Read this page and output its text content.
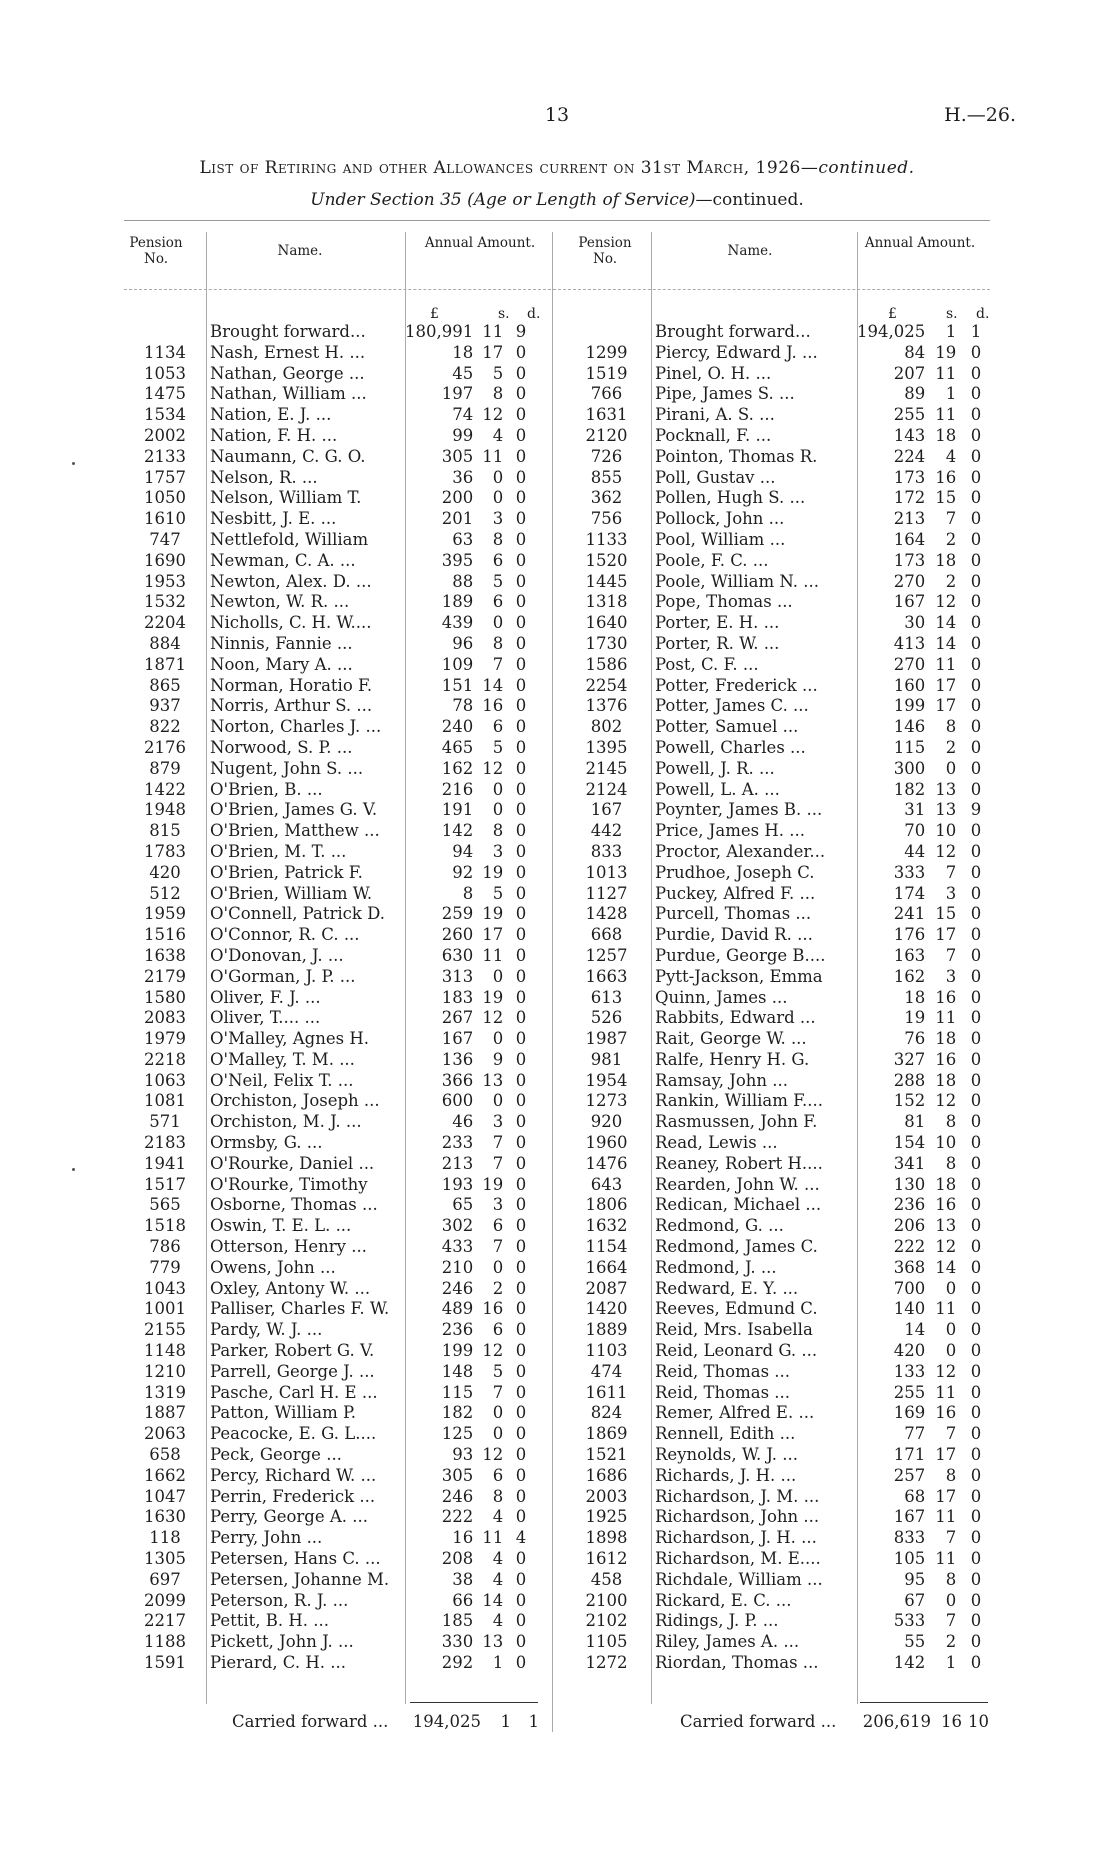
13	H.—26.
List of Retiring and other Allowances current on 31st March, 1926—continued.
Under Section 35 (Age or Length of Service)—continued.
Pension No.	Name.	Annual Amount.	Pension No.	Name.	Annual Amount.
£	s. d.	£	s. d.
	Brought forward...	180,991	11	9
1134	Nash, Ernest H. ...	18	17	0
1053	Nathan, George ...	45	5	0
1475	Nathan, William ...	197	8	0
1534	Nation, E. J. ...	74	12	0
2002	Nation, F. H. ...	99	4	0
2133	Naumann, C. G. O.	305	11	0
1757	Nelson, R. ...	36	0	0
1050	Nelson, William T.	200	0	0
1610	Nesbitt, J. E. ...	201	3	0
747	Nettlefold, William	63	8	0
1690	Newman, C. A. ...	395	6	0
1953	Newton, Alex. D. ...	88	5	0
1532	Newton, W. R. ...	189	6	0
2204	Nicholls, C. H. W....	439	0	0
884	Ninnis, Fannie ...	96	8	0
1871	Noon, Mary A. ...	109	7	0
865	Norman, Horatio F.	151	14	0
937	Norris, Arthur S. ...	78	16	0
822	Norton, Charles J. ...	240	6	0
2176	Norwood, S. P. ...	465	5	0
879	Nugent, John S. ...	162	12	0
1422	O'Brien, B. ...	216	0	0
1948	O'Brien, James G. V.	191	0	0
815	O'Brien, Matthew ...	142	8	0
1783	O'Brien, M. T. ...	94	3	0
420	O'Brien, Patrick F.	92	19	0
512	O'Brien, William W.	8	5	0
1959	O'Connell, Patrick D.	259	19	0
1516	O'Connor, R. C. ...	260	17	0
1638	O'Donovan, J. ...	630	11	0
2179	O'Gorman, J. P. ...	313	0	0
1580	Oliver, F. J. ...	183	19	0
2083	Oliver, T.... ...	267	12	0
1979	O'Malley, Agnes H.	167	0	0
2218	O'Malley, T. M. ...	136	9	0
1063	O'Neil, Felix T. ...	366	13	0
1081	Orchiston, Joseph ...	600	0	0
571	Orchiston, M. J. ...	46	3	0
2183	Ormsby, G. ...	233	7	0
1941	O'Rourke, Daniel ...	213	7	0
1517	O'Rourke, Timothy	193	19	0
565	Osborne, Thomas ...	65	3	0
1518	Oswin, T. E. L. ...	302	6	0
786	Otterson, Henry ...	433	7	0
779	Owens, John ...	210	0	0
1043	Oxley, Antony W. ...	246	2	0
1001	Palliser, Charles F. W.	489	16	0
2155	Pardy, W. J. ...	236	6	0
1148	Parker, Robert G. V.	199	12	0
1210	Parrell, George J. ...	148	5	0
1319	Pasche, Carl H. E ...	115	7	0
1887	Patton, William P.	182	0	0
2063	Peacocke, E. G. L....	125	0	0
658	Peck, George ...	93	12	0
1662	Percy, Richard W. ...	305	6	0
1047	Perrin, Frederick ...	246	8	0
1630	Perry, George A. ...	222	4	0
118	Perry, John ...	16	11	4
1305	Petersen, Hans C. ...	208	4	0
697	Petersen, Johanne M.	38	4	0
2099	Peterson, R. J. ...	66	14	0
2217	Pettit, B. H. ...	185	4	0
1188	Pickett, John J. ...	330	13	0
1591	Pierard, C. H. ...	292	1	0
	Brought forward...	194,025	1	1
1299	Piercy, Edward J. ...	84	19	0
1519	Pinel, O. H. ...	207	11	0
766	Pipe, James S. ...	89	1	0
1631	Pirani, A. S. ...	255	11	0
2120	Pocknall, F. ...	143	18	0
726	Pointon, Thomas R.	224	4	0
855	Poll, Gustav ...	173	16	0
362	Pollen, Hugh S. ...	172	15	0
756	Pollock, John ...	213	7	0
1133	Pool, William ...	164	2	0
1520	Poole, F. C. ...	173	18	0
1445	Poole, William N. ...	270	2	0
1318	Pope, Thomas ...	167	12	0
1640	Porter, E. H. ...	30	14	0
1730	Porter, R. W. ...	413	14	0
1586	Post, C. F. ...	270	11	0
2254	Potter, Frederick ...	160	17	0
1376	Potter, James C. ...	199	17	0
802	Potter, Samuel ...	146	8	0
1395	Powell, Charles ...	115	2	0
2145	Powell, J. R. ...	300	0	0
2124	Powell, L. A. ...	182	13	0
167	Poynter, James B. ...	31	13	9
442	Price, James H. ...	70	10	0
833	Proctor, Alexander...	44	12	0
1013	Prudhoe, Joseph C.	333	7	0
1127	Puckey, Alfred F. ...	174	3	0
1428	Purcell, Thomas ...	241	15	0
668	Purdie, David R. ...	176	17	0
1257	Purdue, George B....	163	7	0
1663	Pytt-Jackson, Emma	162	3	0
613	Quinn, James ...	18	16	0
526	Rabbits, Edward ...	19	11	0
1987	Rait, George W. ...	76	18	0
981	Ralfe, Henry H. G.	327	16	0
1954	Ramsay, John ...	288	18	0
1273	Rankin, William F....	152	12	0
920	Rasmussen, John F.	81	8	0
1960	Read, Lewis ...	154	10	0
1476	Reaney, Robert H....	341	8	0
643	Rearden, John W. ...	130	18	0
1806	Redican, Michael ...	236	16	0
1632	Redmond, G. ...	206	13	0
1154	Redmond, James C.	222	12	0
1664	Redmond, J. ...	368	14	0
2087	Redward, E. Y. ...	700	0	0
1420	Reeves, Edmund C.	140	11	0
1889	Reid, Mrs. Isabella	14	0	0
1103	Reid, Leonard G. ...	420	0	0
474	Reid, Thomas ...	133	12	0
1611	Reid, Thomas ...	255	11	0
824	Remer, Alfred E. ...	169	16	0
1869	Rennell, Edith ...	77	7	0
1521	Reynolds, W. J. ...	171	17	0
1686	Richards, J. H. ...	257	8	0
2003	Richardson, J. M. ...	68	17	0
1925	Richardson, John ...	167	11	0
1898	Richardson, J. H. ...	833	7	0
1612	Richardson, M. E....	105	11	0
458	Richdale, William ...	95	8	0
2100	Rickard, E. C. ...	67	0	0
2102	Ridings, J. P. ...	533	7	0
1105	Riley, James A. ...	55	2	0
1272	Riordan, Thomas ...	142	1	0
Carried forward ...	194,025	1	1	Carried forward ...	206,619 16 10
